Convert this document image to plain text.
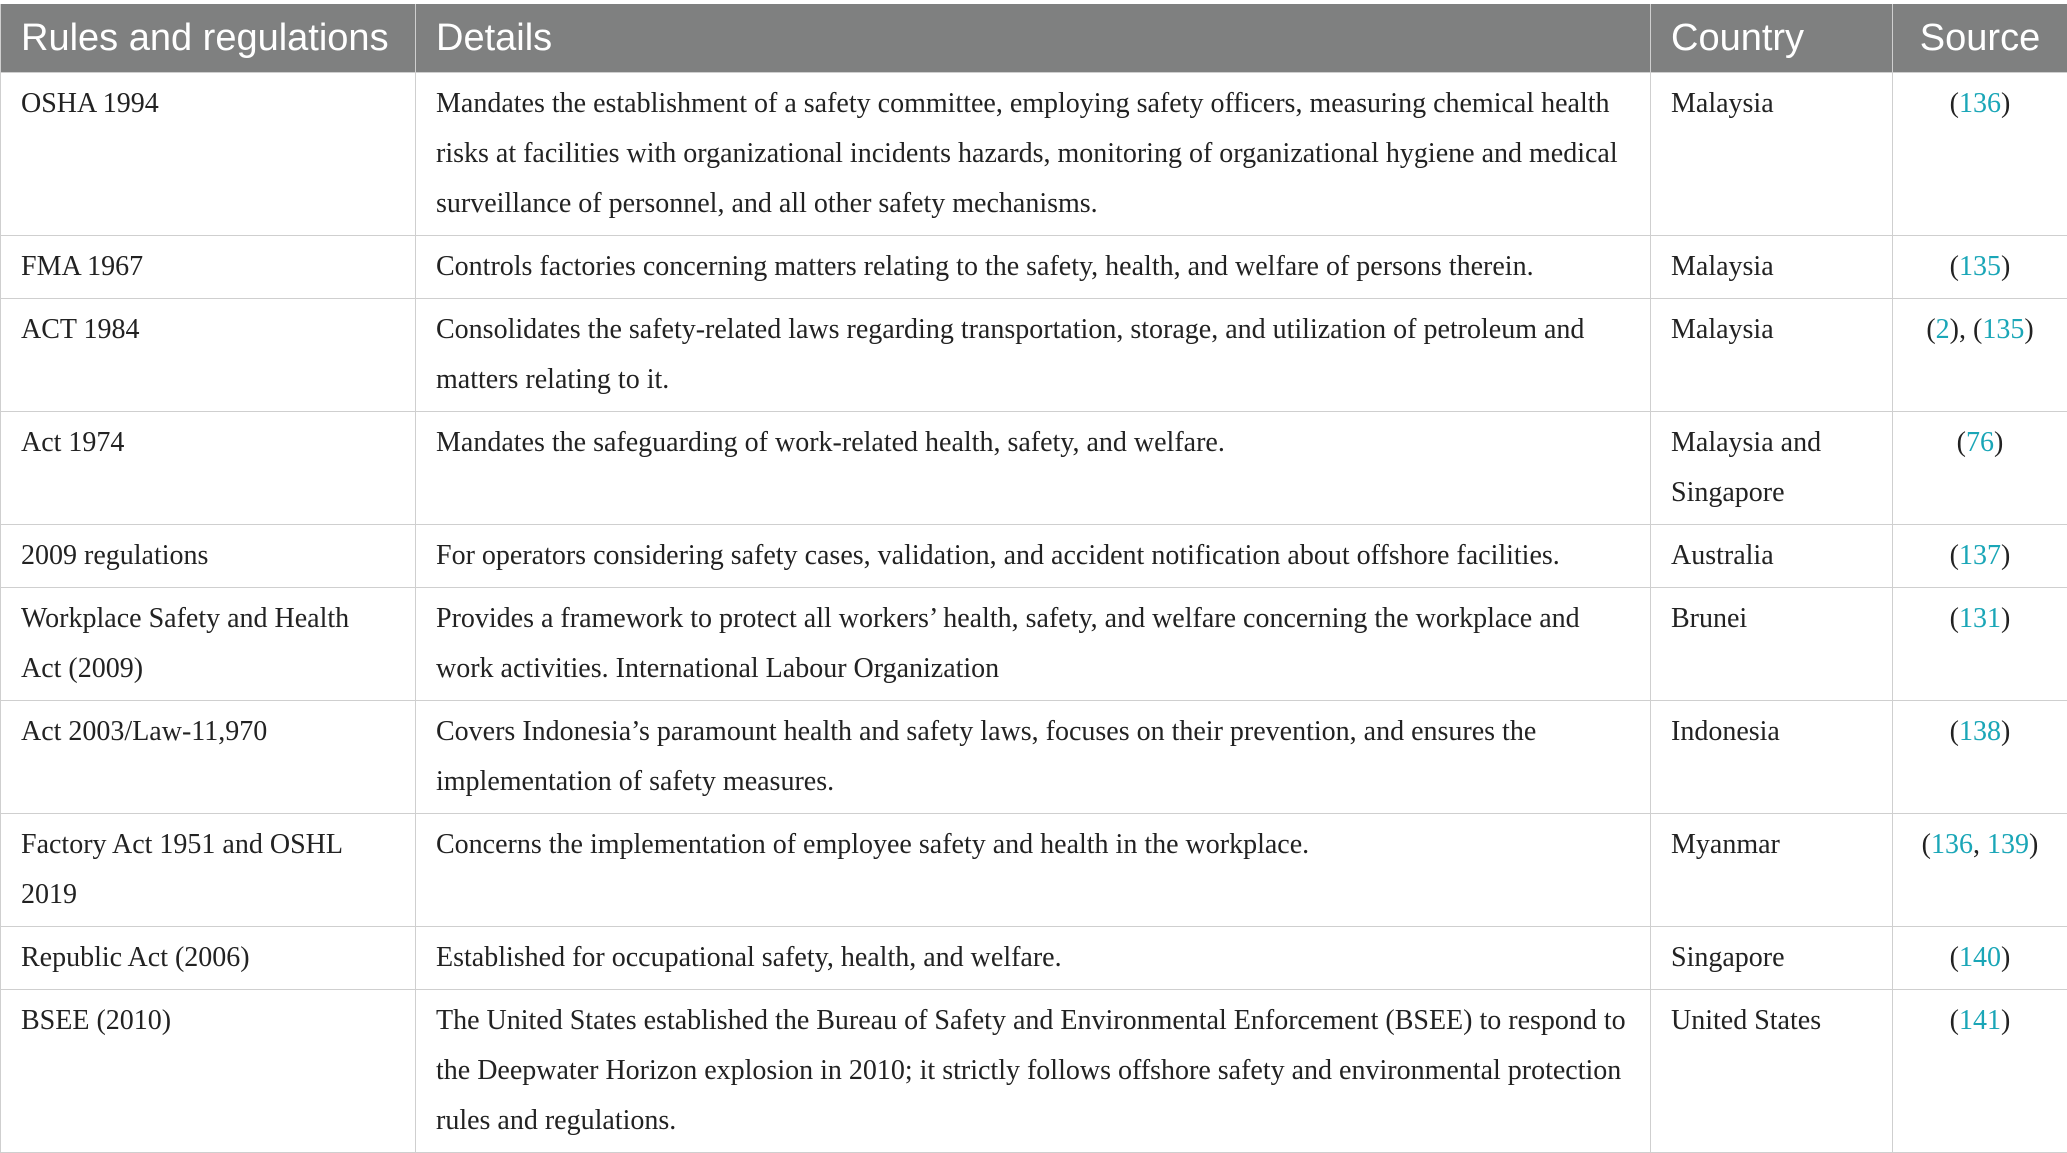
Rules and regulations	Details	Country	Source
OSHA 1994	Mandates the establishment of a safety committee, employing safety officers, measuring chemical health risks at facilities with organizational incidents hazards, monitoring of organizational hygiene and medical surveillance of personnel, and all other safety mechanisms.	Malaysia	(136)
FMA 1967	Controls factories concerning matters relating to the safety, health, and welfare of persons therein.	Malaysia	(135)
ACT 1984	Consolidates the safety-related laws regarding transportation, storage, and utilization of petroleum and matters relating to it.	Malaysia	(2), (135)
Act 1974	Mandates the safeguarding of work-related health, safety, and welfare.	Malaysia and Singapore	(76)
2009 regulations	For operators considering safety cases, validation, and accident notification about offshore facilities.	Australia	(137)
Workplace Safety and Health Act (2009)	Provides a framework to protect all workers’ health, safety, and welfare concerning the workplace and work activities. International Labour Organization	Brunei	(131)
Act 2003/Law-11,970	Covers Indonesia’s paramount health and safety laws, focuses on their prevention, and ensures the implementation of safety measures.	Indonesia	(138)
Factory Act 1951 and OSHL 2019	Concerns the implementation of employee safety and health in the workplace.	Myanmar	(136, 139)
Republic Act (2006)	Established for occupational safety, health, and welfare.	Singapore	(140)
BSEE (2010)	The United States established the Bureau of Safety and Environmental Enforcement (BSEE) to respond to the Deepwater Horizon explosion in 2010; it strictly follows offshore safety and environmental protection rules and regulations.	United States	(141)
